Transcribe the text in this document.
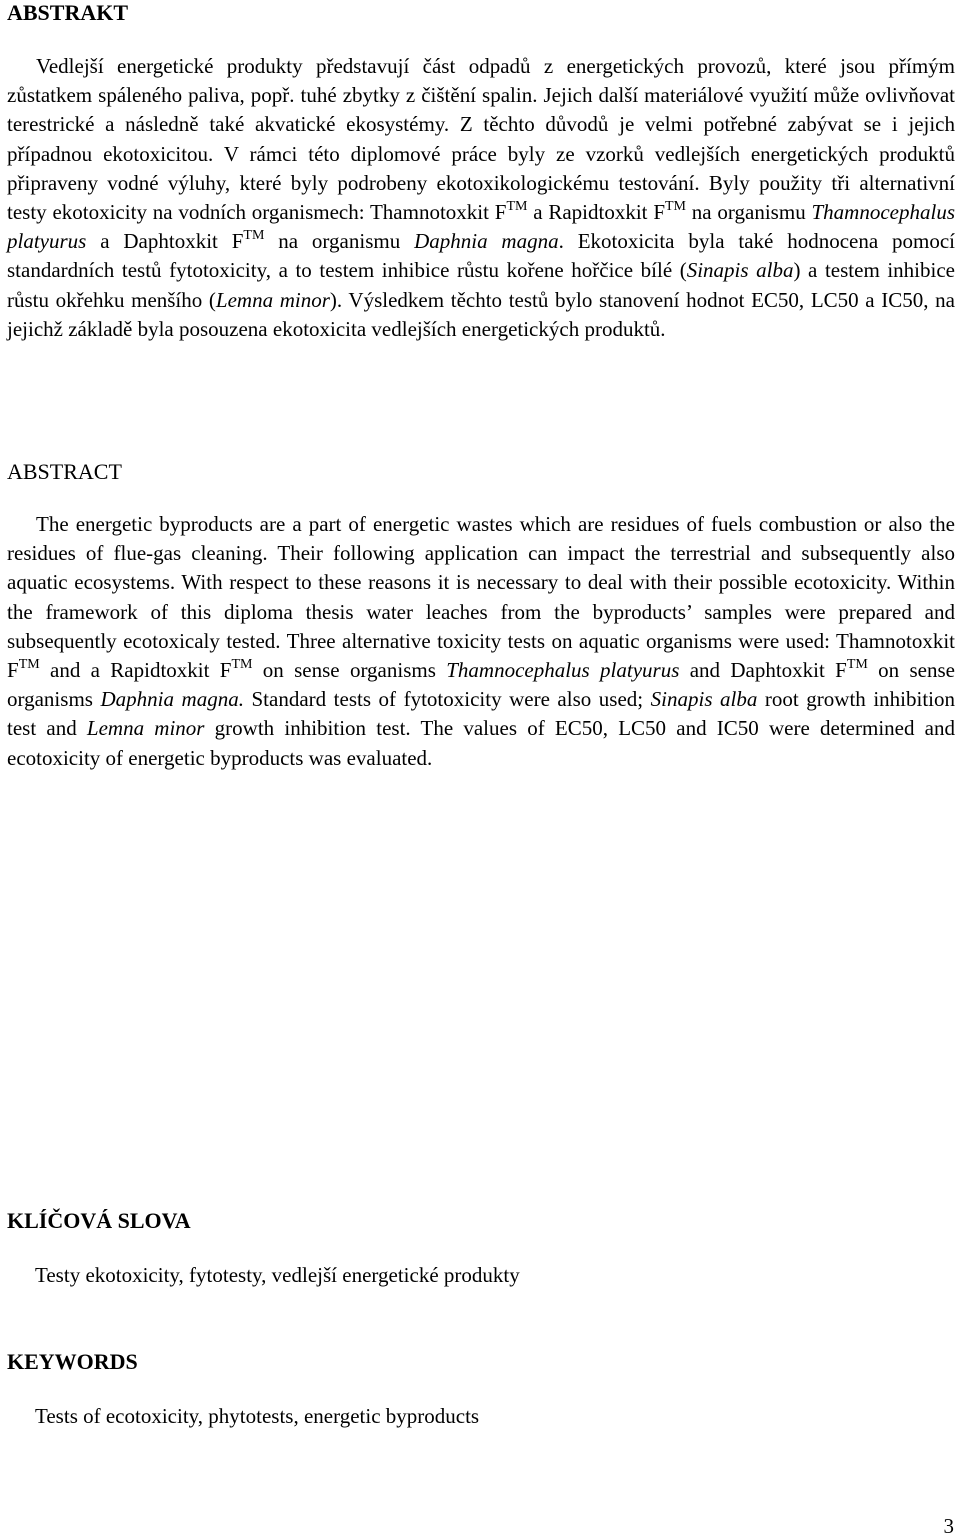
ABSTRAKT

Vedlejší energetické produkty představují část odpadů z energetických provozů, které jsou přímým zůstatkem spáleného paliva, popř. tuhé zbytky z čištění spalin. Jejich další materiálové využití může ovlivňovat terestrické a následně také akvatické ekosystémy. Z těchto důvodů je velmi potřebné zabývat se i jejich případnou ekotoxicitou. V rámci této diplomové práce byly ze vzorků vedlejších energetických produktů připraveny vodné výluhy, které byly podrobeny ekotoxikologickému testování. Byly použity tři alternativní testy ekotoxicity na vodních organismech: Thamnotoxkit F™ a Rapidtoxkit F™ na organismu Thamnocephalus platyurus a Daphtoxkit F™ na organismu Daphnia magna. Ekotoxicita byla také hodnocena pomocí standardních testů fytotoxicity, a to testem inhibice růstu kořene hořčice bílé (Sinapis alba) a testem inhibice růstu okřehku menšího (Lemna minor). Výsledkem těchto testů bylo stanovení hodnot EC50, LC50 a IC50, na jejichž základě byla posouzena ekotoxicita vedlejších energetických produktů.

ABSTRACT

The energetic byproducts are a part of energetic wastes which are residues of fuels combustion or also the residues of flue-gas cleaning. Their following application can impact the terrestrial and subsequently also aquatic ecosystems. With respect to these reasons it is necessary to deal with their possible ecotoxicity. Within the framework of this diploma thesis water leaches from the byproducts’ samples were prepared and subsequently ecotoxicaly tested. Three alternative toxicity tests on aquatic organisms were used: Thamnotoxkit F™ and a Rapidtoxkit F™ on sense organisms Thamnocephalus platyurus and Daphtoxkit F™ on sense organisms Daphnia magna. Standard tests of fytotoxicity were also used; Sinapis alba root growth inhibition test and Lemna minor growth inhibition test. The values of EC50, LC50 and IC50 were determined and ecotoxicity of energetic byproducts was evaluated.

KLÍČOVÁ SLOVA

Testy ekotoxicity, fytotesty, vedlejší energetické produkty

KEYWORDS

Tests of ecotoxicity, phytotests, energetic byproducts

3
